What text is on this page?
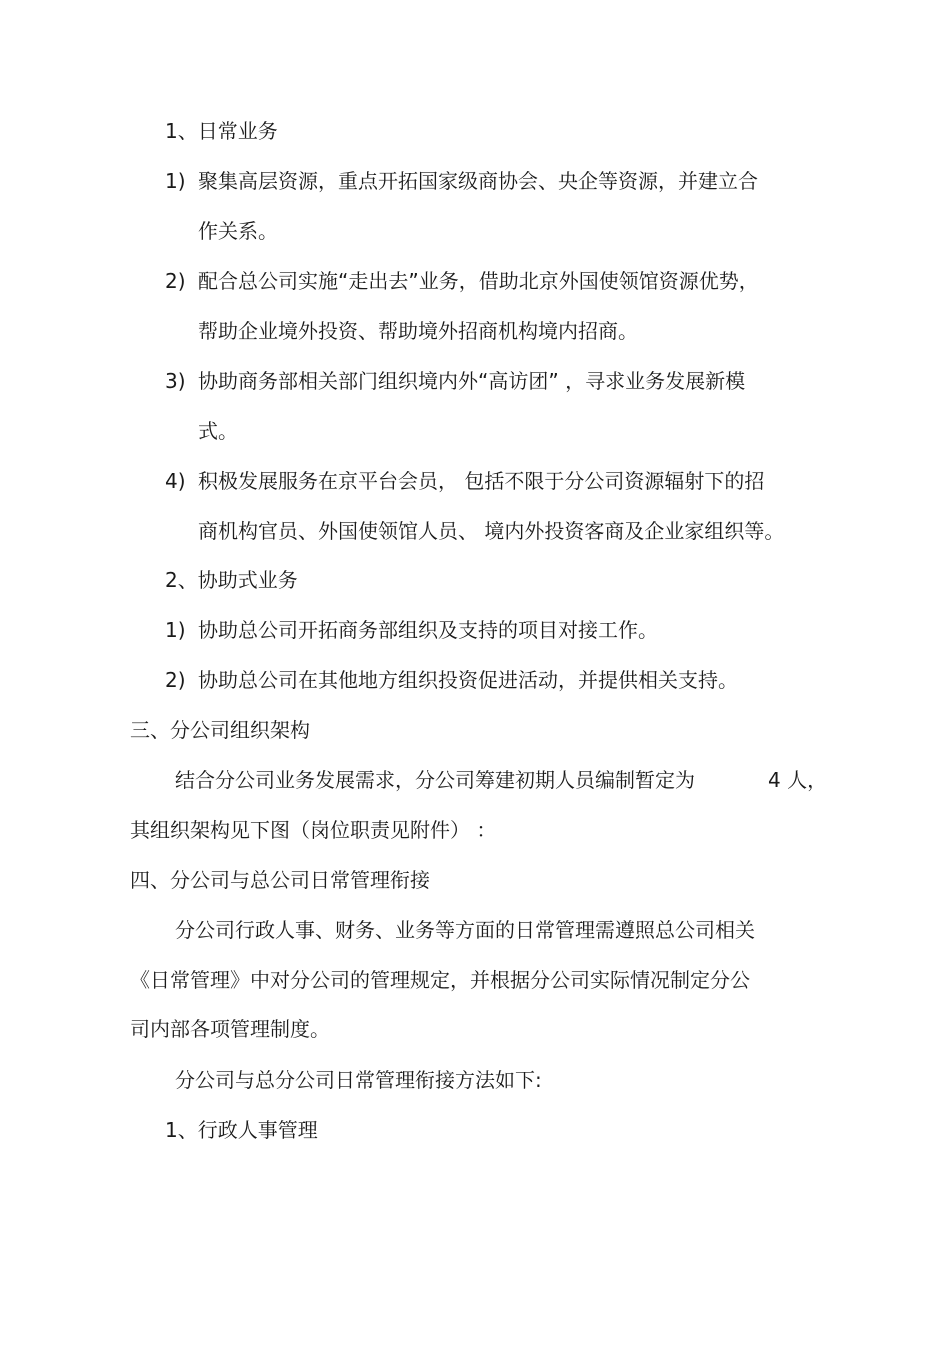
1、日常业务
1) 聚集高层资源，重点开拓国家级商协会、央企等资源，并建立合
作关系。
2) 配合总公司实施“走出去”业务，借助北京外国使领馆资源优势，
帮助企业境外投资、帮助境外招商机构境内招商。
3) 协助商务部相关部门组织境内外“高访团” ，寻求业务发展新模
式。
4) 积极发展服务在京平台会员， 包括不限于分公司资源辐射下的招
商机构官员、外国使领馆人员、 境内外投资客商及企业家组织等。
2、协助式业务
1) 协助总公司开拓商务部组织及支持的项目对接工作。
2) 协助总公司在其他地方组织投资促进活动，并提供相关支持。
三、分公司组织架构
结合分公司业务发展需求，分公司筹建初期人员编制暂定为	4 人，
其组织架构见下图（岗位职责见附件） ：
四、分公司与总公司日常管理衔接
分公司行政人事、财务、业务等方面的日常管理需遵照总公司相关
《日常管理》中对分公司的管理规定，并根据分公司实际情况制定分公
司内部各项管理制度。
分公司与总分公司日常管理衔接方法如下:
1、行政人事管理
